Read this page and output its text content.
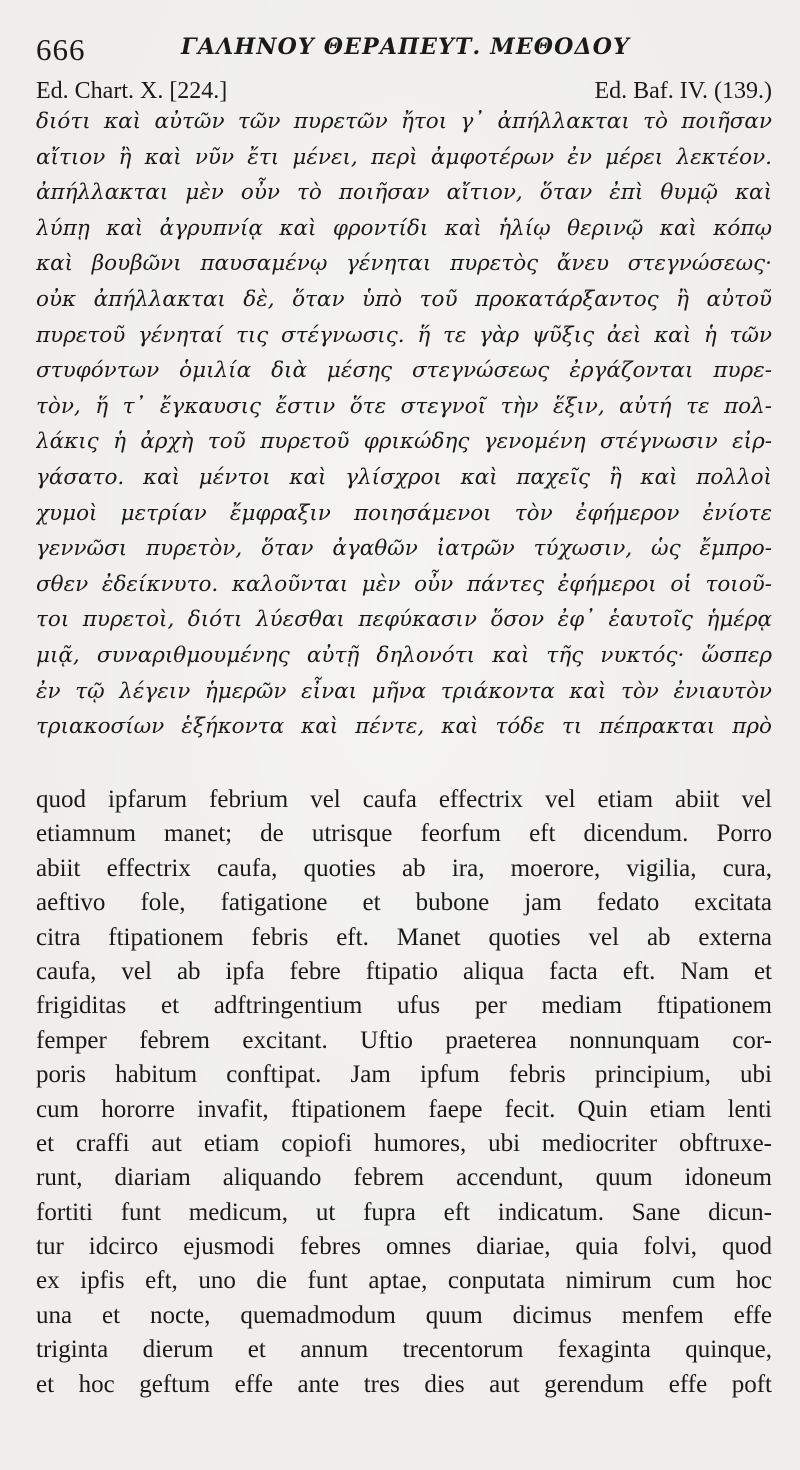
666	ΓΑΛΗΝΟΥ ΘΕΡΑΠΕΥΤ. ΜΕΘΟΔΟΥ
Ed. Chart. X. [224.]	Ed. Baf. IV. (139.)
διότι καὶ αὐτῶν τῶν πυρετῶν ἤτοι γ᾽ ἀπήλλακται τὸ ποιῆσαν
αἴτιον ἢ καὶ νῦν ἔτι μένει, περὶ ἀμφοτέρων ἐν μέρει λεκτέον.
ἀπήλλακται μὲν οὖν τὸ ποιῆσαν αἴτιον, ὅταν ἐπὶ θυμῷ καὶ
λύπῃ καὶ ἀγρυπνίᾳ καὶ φροντίδι καὶ ἡλίῳ θερινῷ καὶ κόπῳ
καὶ βουβῶνι παυσαμένῳ γένηται πυρετὸς ἄνευ στεγνώσεως·
οὐκ ἀπήλλακται δὲ, ὅταν ὑπὸ τοῦ προκατάρξαντος ἢ αὐτοῦ
πυρετοῦ γένηταί τις στέγνωσις. ἥ τε γὰρ ψῦξις ἀεὶ καὶ ἡ τῶν
στυφόντων ὁμιλία διὰ μέσης στεγνώσεως ἐργάζονται πυρε-
τὸν, ἥ τ᾽ ἔγκαυσις ἔστιν ὅτε στεγνοῖ τὴν ἕξιν, αὐτή τε πολ-
λάκις ἡ ἀρχὴ τοῦ πυρετοῦ φρικώδης γενομένη στέγνωσιν εἰρ-
γάσατο. καὶ μέντοι καὶ γλίσχροι καὶ παχεῖς ἢ καὶ πολλοὶ
χυμοὶ μετρίαν ἔμφραξιν ποιησάμενοι τὸν ἐφήμερον ἐνίοτε
γεννῶσι πυρετὸν, ὅταν ἀγαθῶν ἰατρῶν τύχωσιν, ὡς ἔμπρο-
σθεν ἐδείκνυτο. καλοῦνται μὲν οὖν πάντες ἐφήμεροι οἱ τοιοῦ-
τοι πυρετοὶ, διότι λύεσθαι πεφύκασιν ὅσον ἐφ᾽ ἑαυτοῖς ἡμέρᾳ
μιᾷ, συναριθμουμένης αὐτῇ δηλονότι καὶ τῆς νυκτός· ὥσπερ
ἐν τῷ λέγειν ἡμερῶν εἶναι μῆνα τριάκοντα καὶ τὸν ἐνιαυτὸν
τριακοσίων ἑξήκοντα καὶ πέντε, καὶ τόδε τι πέπρακται πρὸ
quod ipfarum febrium vel caufa effectrix vel etiam abiit vel
etiamnum manet; de utrisque feorfum eft dicendum. Porro
abiit effectrix caufa, quoties ab ira, moerore, vigilia, cura,
aeftivo fole, fatigatione et bubone jam fedato excitata
citra ftipationem febris eft. Manet quoties vel ab externa
caufa, vel ab ipfa febre ftipatio aliqua facta eft. Nam et
frigiditas et adftringentium ufus per mediam ftipationem
femper febrem excitant. Uftio praeterea nonnunquam cor-
poris habitum conftipat. Jam ipfum febris principium, ubi
cum hororre invafit, ftipationem faepe fecit. Quin etiam lenti
et craffi aut etiam copiofi humores, ubi mediocriter obftruxe-
runt, diariam aliquando febrem accendunt, quum idoneum
fortiti funt medicum, ut fupra eft indicatum. Sane dicun-
tur idcirco ejusmodi febres omnes diariae, quia folvi, quod
ex ipfis eft, uno die funt aptae, conputata nimirum cum hoc
una et nocte, quemadmodum quum dicimus menfem effe
triginta dierum et annum trecentorum fexaginta quinque,
et hoc geftum effe ante tres dies aut gerendum effe poft
